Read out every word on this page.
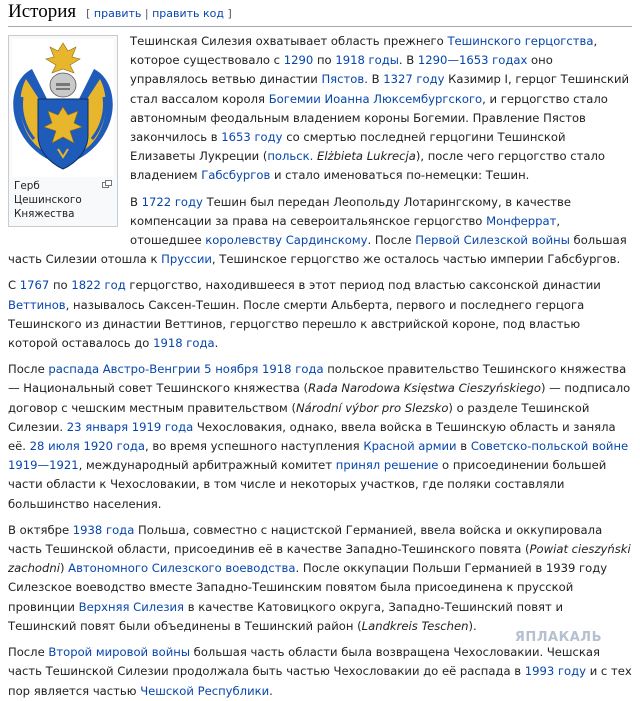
История [ править | править код ]
Герб Цешинского Княжества

Тешинская Силезия охватывает область прежнего Тешинского герцогства, которое существовало с 1290 по 1918 годы. В 1290—1653 годах оно управлялось ветвью династии Пястов. В 1327 году Казимир I, герцог Тешинский стал вассалом короля Богемии Иоанна Люксембургского, и герцогство стало автономным феодальным владением короны Богемии. Правление Пястов закончилось в 1653 году со смертью последней герцогини Тешинской Елизаветы Лукреции (польск. Elżbieta Lukrecja), после чего герцогство стало владением Габсбургов и стало именоваться по-немецки: Тешин.

В 1722 году Тешин был передан Леопольду Лотарингскому, в качестве компенсации за права на североитальянское герцогство Монферрат, отошедшее королевству Сардинскому. После Первой Силезской войны большая часть Силезии отошла к Пруссии, Тешинское герцогство же осталось частью империи Габсбургов.

С 1767 по 1822 год герцогство, находившееся в этот период под властью саксонской династии Веттинов, называлось Саксен-Тешин. После смерти Альберта, первого и последнего герцога Тешинского из династии Веттинов, герцогство перешло к австрийской короне, под властью которой оставалось до 1918 года.

После распада Австро-Венгрии 5 ноября 1918 года польское правительство Тешинского княжества — Национальный совет Тешинского княжества (Rada Narodowa Księstwa Cieszyńskiego) — подписало договор с чешским местным правительством (Národní výbor pro Slezsko) о разделе Тешинской Силезии. 23 января 1919 года Чехословакия, однако, ввела войска в Тешинскую область и заняла её. 28 июля 1920 года, во время успешного наступления Красной армии в Советско-польской войне 1919—1921, международный арбитражный комитет принял решение о присоединении большей части области к Чехословакии, в том числе и некоторых участков, где поляки составляли большинство населения.

В октябре 1938 года Польша, совместно с нацистской Германией, ввела войска и оккупировала часть Тешинской области, присоединив её в качестве Западно-Тешинского повята (Powiat cieszyński zachodni) Автономного Силезского воеводства. После оккупации Польши Германией в 1939 году Силезское воеводство вместе Западно-Тешинским повятом была присоединена к прусской провинции Верхняя Силезия в качестве Катовицкого округа, Западно-Тешинский повят и Тешинский повят были объединены в Тешинский район (Landkreis Teschen).

После Второй мировой войны большая часть области была возвращена Чехословакии. Чешская часть Тешинской Силезии продолжала быть частью Чехословакии до её распада в 1993 году и с тех пор является частью Чешской Республики.

ЯПЛАКАЛЬ
